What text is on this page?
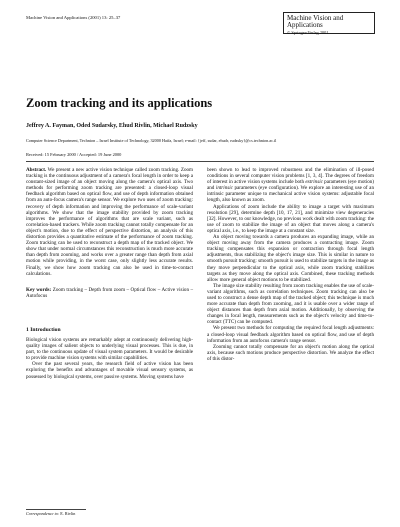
Machine Vision and Applications (2001) 13: 25–37	Machine Vision and
Applications
© Springer-Verlag 2001
Zoom tracking and its applications
Jeffrey A. Fayman, Oded Sudarsky, Ehud Rivlin, Michael Rudzsky
Computer Science Department, Technion – Israel Institute of Technology, 32000 Haifa, Israel; e-mail: {jeff, sudar, ehudr, rudzsky}@cs.technion.ac.il
Received: 15 February 2000 / Accepted: 19 June 2000

Abstract. We present a new active vision technique called zoom tracking. Zoom tracking is the continuous adjustment of a camera's focal length in order to keep a constant-sized image of an object moving along the camera's optical axis. Two methods for performing zoom tracking are presented: a closed-loop visual feedback algorithm based on optical flow, and use of depth information obtained from an auto-focus camera's range sensor. We explore two uses of zoom tracking: recovery of depth information and improving the performance of scale-variant algorithms. We show that the image stability provided by zoom tracking improves the performance of algorithms that are scale variant, such as correlation-based trackers. While zoom tracking cannot totally compensate for an object's motion, due to the effect of perspective distortion, an analysis of this distortion provides a quantitative estimate of the performance of zoom tracking. Zoom tracking can be used to reconstruct a depth map of the tracked object. We show that under normal circumstances this reconstruction is much more accurate than depth from zooming, and works over a greater range than depth from axial motion while providing, in the worst case, only slightly less accurate results. Finally, we show how zoom tracking can also be used in time-to-contact calculations.

Key words: Zoom tracking – Depth from zoom – Optical flow – Active vision – Autofocus

1 Introduction

Biological vision systems are remarkably adept at continuously delivering high-quality images of salient objects to underlying visual processes. This is due, in part, to the continuous update of visual system parameters. It would be desirable to provide machine vision systems with similar capabilities.

Over the past several years, the research field of active vision has been exploring the benefits and advantages of movable visual sensory systems, as possessed by biological systems, over passive systems. Moving systems have

been shown to lead to improved robustness and the elimination of ill-posed conditions in several computer vision problems [1, 3, 4]. The degrees of freedom of interest in active vision systems include both extrinsic parameters (eye motion) and intrinsic parameters (eye configuration). We explore an interesting use of an intrinsic parameter unique to mechanical active vision systems: adjustable focal length, also known as zoom.

Applications of zoom include the ability to image a target with maximum resolution [29], determine depth [10, 17, 21], and minimize view degeneracies [32]. However, to our knowledge, no previous work dealt with zoom tracking: the use of zoom to stabilize the image of an object that moves along a camera's optical axis, i.e., to keep the image at a constant size.

An object moving towards a camera produces an expanding image, while an object moving away from the camera produces a contracting image. Zoom tracking compensates this expansion or contraction through focal length adjustments, thus stabilizing the object's image size. This is similar in nature to smooth pursuit tracking: smooth pursuit is used to stabilize targets in the image as they move perpendicular to the optical axis, while zoom tracking stabilizes targets as they move along the optical axis. Combined, these tracking methods allow more general object motions to be stabilized.

The image size stability resulting from zoom tracking enables the use of scale-variant algorithms, such as correlation techniques. Zoom tracking can also be used to construct a dense depth map of the tracked object; this technique is much more accurate than depth from zooming, and it is usable over a wider range of object distances than depth from axial motion. Additionally, by observing the changes in focal length, measurements such as the object's velocity and time-to-contact (TTC) can be computed.

We present two methods for computing the required focal length adjustments: a closed-loop visual feedback algorithm based on optical flow, and use of depth information from an autofocus camera's range sensor.

Zooming cannot totally compensate for an object's motion along the optical axis, because such motions produce perspective distortion. We analyze the effect of this distor-

Correspondence to: E. Rivlin
